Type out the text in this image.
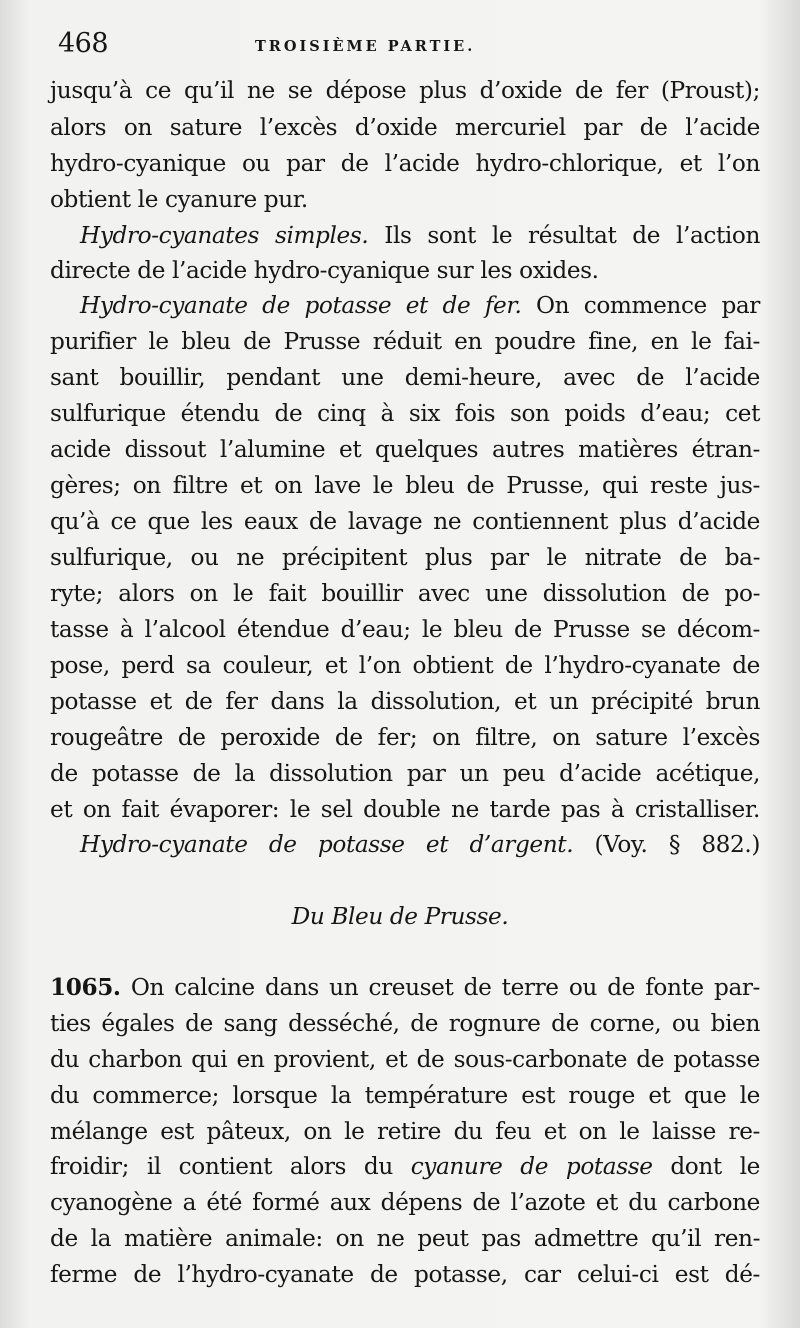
468	TROISIÈME PARTIE.
jusqu’à ce qu’il ne se dépose plus d’oxide de fer (Proust);
alors on sature l’excès d’oxide mercuriel par de l’acide
hydro-cyanique ou par de l’acide hydro-chlorique, et l’on
obtient le cyanure pur.
Hydro-cyanates simples. Ils sont le résultat de l’action
directe de l’acide hydro-cyanique sur les oxides.
Hydro-cyanate de potasse et de fer. On commence par
purifier le bleu de Prusse réduit en poudre fine, en le fai-
sant bouillir, pendant une demi-heure, avec de l’acide
sulfurique étendu de cinq à six fois son poids d’eau; cet
acide dissout l’alumine et quelques autres matières étran-
gères; on filtre et on lave le bleu de Prusse, qui reste jus-
qu’à ce que les eaux de lavage ne contiennent plus d’acide
sulfurique, ou ne précipitent plus par le nitrate de ba-
ryte; alors on le fait bouillir avec une dissolution de po-
tasse à l’alcool étendue d’eau; le bleu de Prusse se décom-
pose, perd sa couleur, et l’on obtient de l’hydro-cyanate de
potasse et de fer dans la dissolution, et un précipité brun
rougeâtre de peroxide de fer; on filtre, on sature l’excès
de potasse de la dissolution par un peu d’acide acétique,
et on fait évaporer: le sel double ne tarde pas à cristalliser.
Hydro-cyanate de potasse et d’argent. (Voy. § 882.)
Du Bleu de Prusse.
1065. On calcine dans un creuset de terre ou de fonte par-
ties égales de sang desséché, de rognure de corne, ou bien
du charbon qui en provient, et de sous-carbonate de potasse
du commerce; lorsque la température est rouge et que le
mélange est pâteux, on le retire du feu et on le laisse re-
froidir; il contient alors du cyanure de potasse dont le
cyanogène a été formé aux dépens de l’azote et du carbone
de la matière animale: on ne peut pas admettre qu’il ren-
ferme de l’hydro-cyanate de potasse, car celui-ci est dé-
